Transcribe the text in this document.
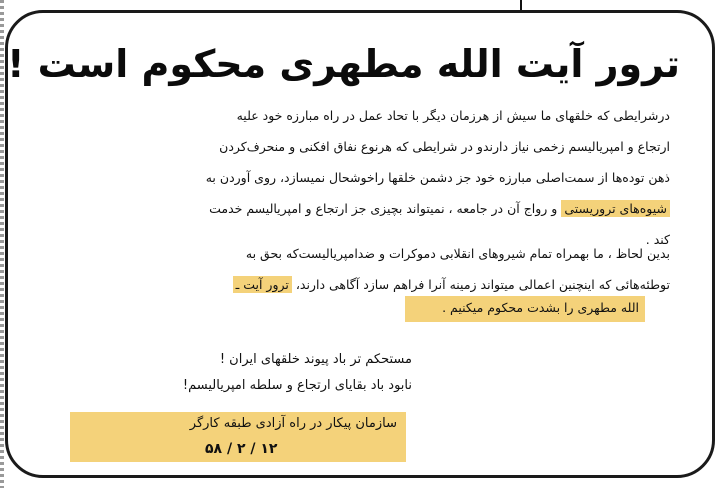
ترور آیت الله مطهری محکوم است !
درشرایطی که خلقهای ما سیش از هرزمان دیگر با تحاد عمل در راه مبارزه خود علیه
ارتجاع و امپریالیسم زخمی نیاز دارندو در شرایطی که هرنوع نفاق افکنی و منحرف‌کردن
ذهن توده‌ها از سمت‌اصلی مبارزه خود جز دشمن خلقها راخوشحال نمیسازد، روی آوردن به
شیوه‌های تروریستی و رواج آن در جامعه ، نمیتواند بچیزی جز ارتجاع و امپریالیسم خدمت
کند .
بدین لحاظ ، ما بهمراه تمام شیروهای انقلابی دموکرات و ضدامپریالیست‌که بحق به
توطئه‌هائی که اینچنین اعمالی میتواند زمینه آنرا فراهم سازد آگاهی دارند، ترور آیت ـ
الله مطهری را بشدت محکوم میکنیم .
مستحکم تر باد پیوند خلقهای ایران !
نابود باد بقایای ارتجاع و سلطه امپریالیسم!
سازمان پیکار در راه آزادی طبقه کارگر
۵۸ / ۲ / ۱۲
